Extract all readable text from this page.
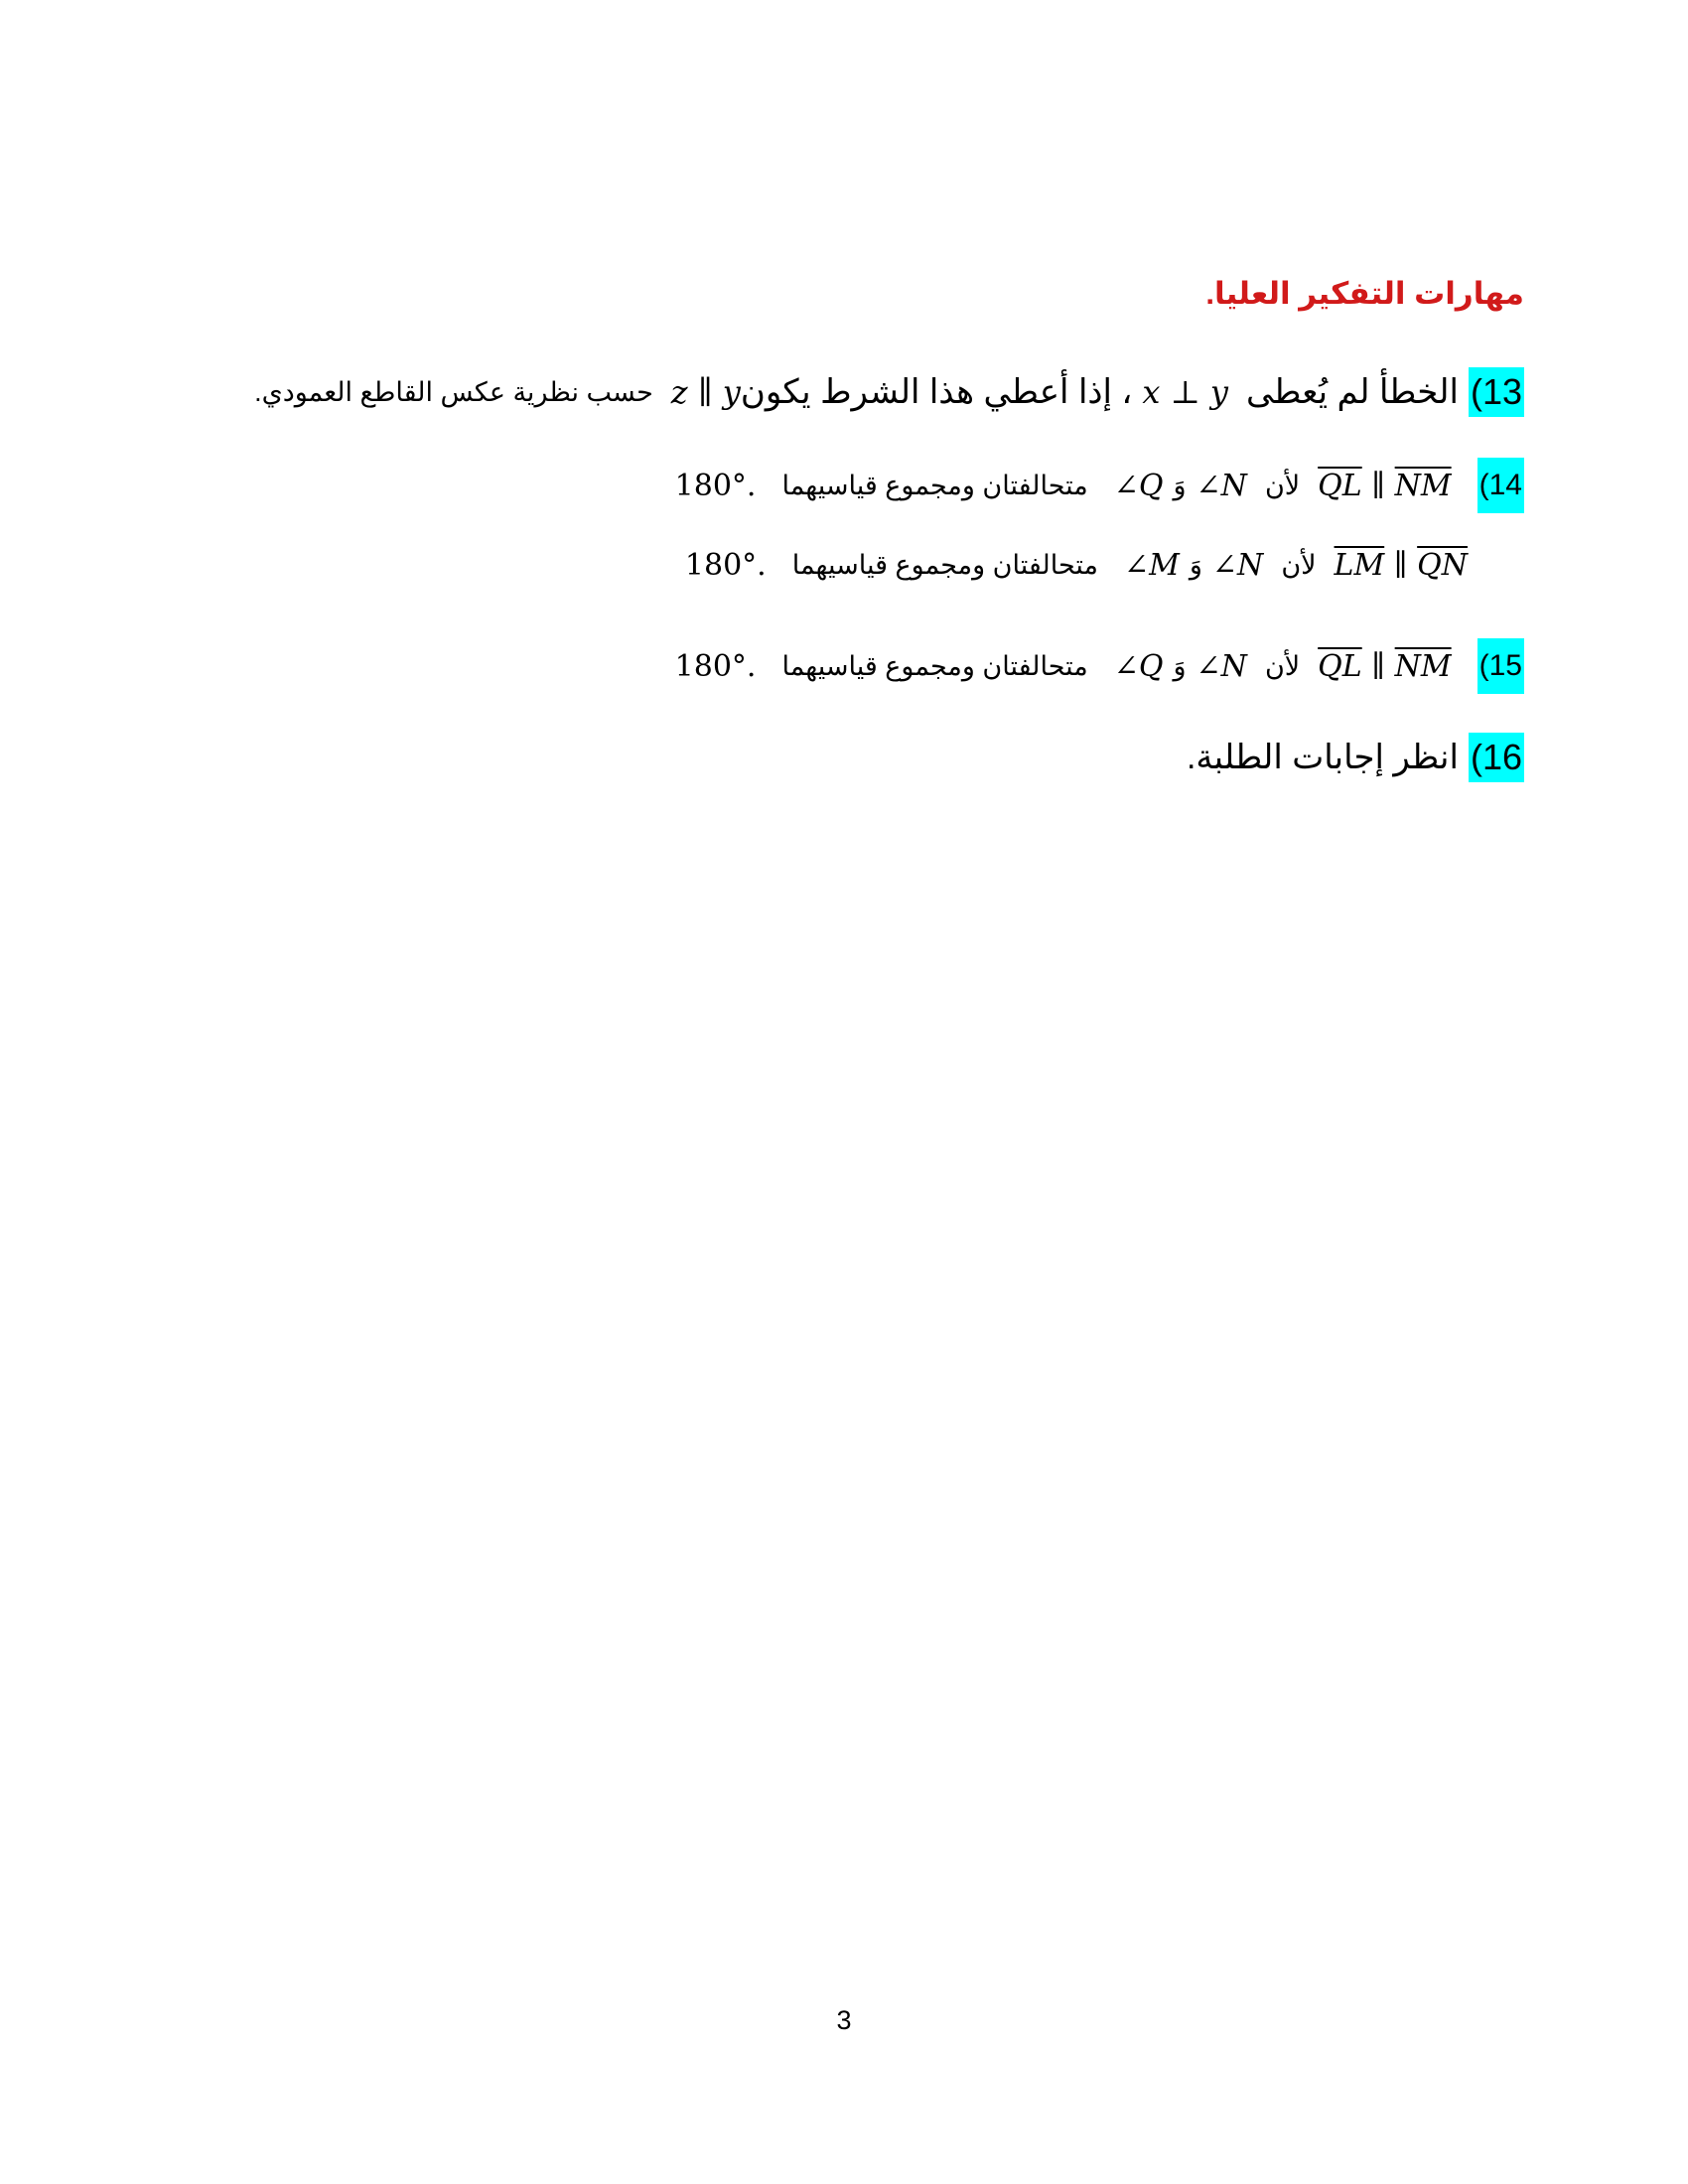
مهارات التفكير العليا.
13)
الخطأ لم يُعطى
x ⊥ y
، إذا أعطي هذا الشرط يكون
z ∥ y
حسب نظرية عكس القاطع العمودي.
14)
$\overline{QL}$ ∥ $\overline{NM}$
لأن
∠N
وَ
∠Q
متحالفتان ومجموع قياسيهما
180°.
$\overline{LM}$ ∥ $\overline{QN}$
لأن
∠N
وَ
∠M
متحالفتان ومجموع قياسيهما
180°.
15)
$\overline{QL}$ ∥ $\overline{NM}$
لأن
∠N
وَ
∠Q
متحالفتان ومجموع قياسيهما
180°.
16)
انظر إجابات الطلبة.
3
